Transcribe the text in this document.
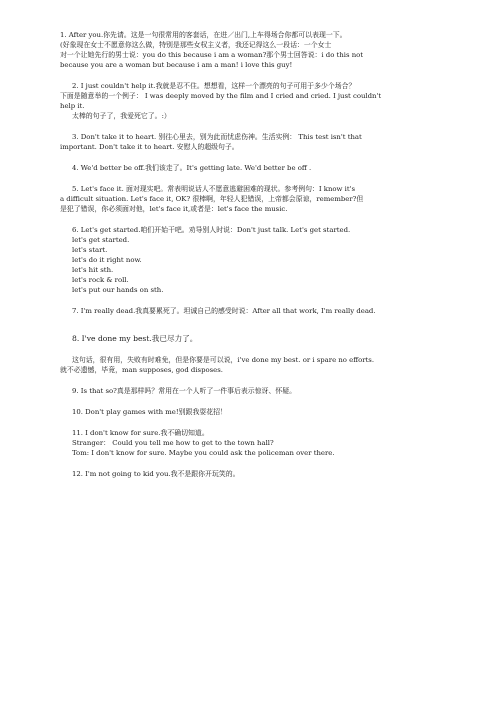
1. After you.你先请。这是一句很常用的客套话，在进／出门,上车得场合你都可以表现一下。
(好象现在女士不愿意你这么做，特别是那些女权主义者，我还记得这么一段话：一个女士
对一个让她先行的男士说：you do this because i am a woman?那个男士回答说：i do this not
because you are a woman but because i am a man! i love this guy!
2. I just couldn't help it.我就是忍不住。想想看，这样一个漂亮的句子可用于多少个场合？
下面是随意举的一个例子： I was deeply moved by the film and I cried and cried. I just couldn't
help it.
太棒的句子了，我爱死它了。:）
3. Don't take it to heart. 别往心里去，别为此而忧虑伤神。生活实例： This test isn't that
important. Don't take it to heart. 安慰人的超级句子。
4. We'd better be off.我们该走了。It's getting late. We'd better be off .
5. Let's face it. 面对现实吧。常表明说话人不愿意逃避困难的现状。参考例句：I know it's
a difficult situation. Let's face it, OK? 很棒啊，年轻人犯错误，上帝都会原谅，remember?但
是犯了错误，你必须面对他，let's face it,或者是：let's face the music.
6. Let's get started.咱们开始干吧。劝导别人时说：Don't just talk. Let's get started.
let's get started.
let's start.
let's do it right now.
let's hit sth.
let's rock & roll.
let's put our hands on sth.
7. I'm really dead.我真要累死了。坦诚自己的感受时说：After all that work, I'm really dead.
8. I've done my best.我已尽力了。
这句话，很有用，失败有时难免，但是你要是可以说，i've done my best. or i spare no efforts.
就不必遗憾，毕竟，man supposes, god disposes.
9. Is that so?真是那样吗？常用在一个人听了一件事后表示惊讶、怀疑。
10. Don't play games with me!别跟我耍花招！
11. I don't know for sure.我不确切知道。
Stranger： Could you tell me how to get to the town hall?
Tom: I don't know for sure. Maybe you could ask the policeman over there.
12. I'm not going to kid you.我不是跟你开玩笑的。
